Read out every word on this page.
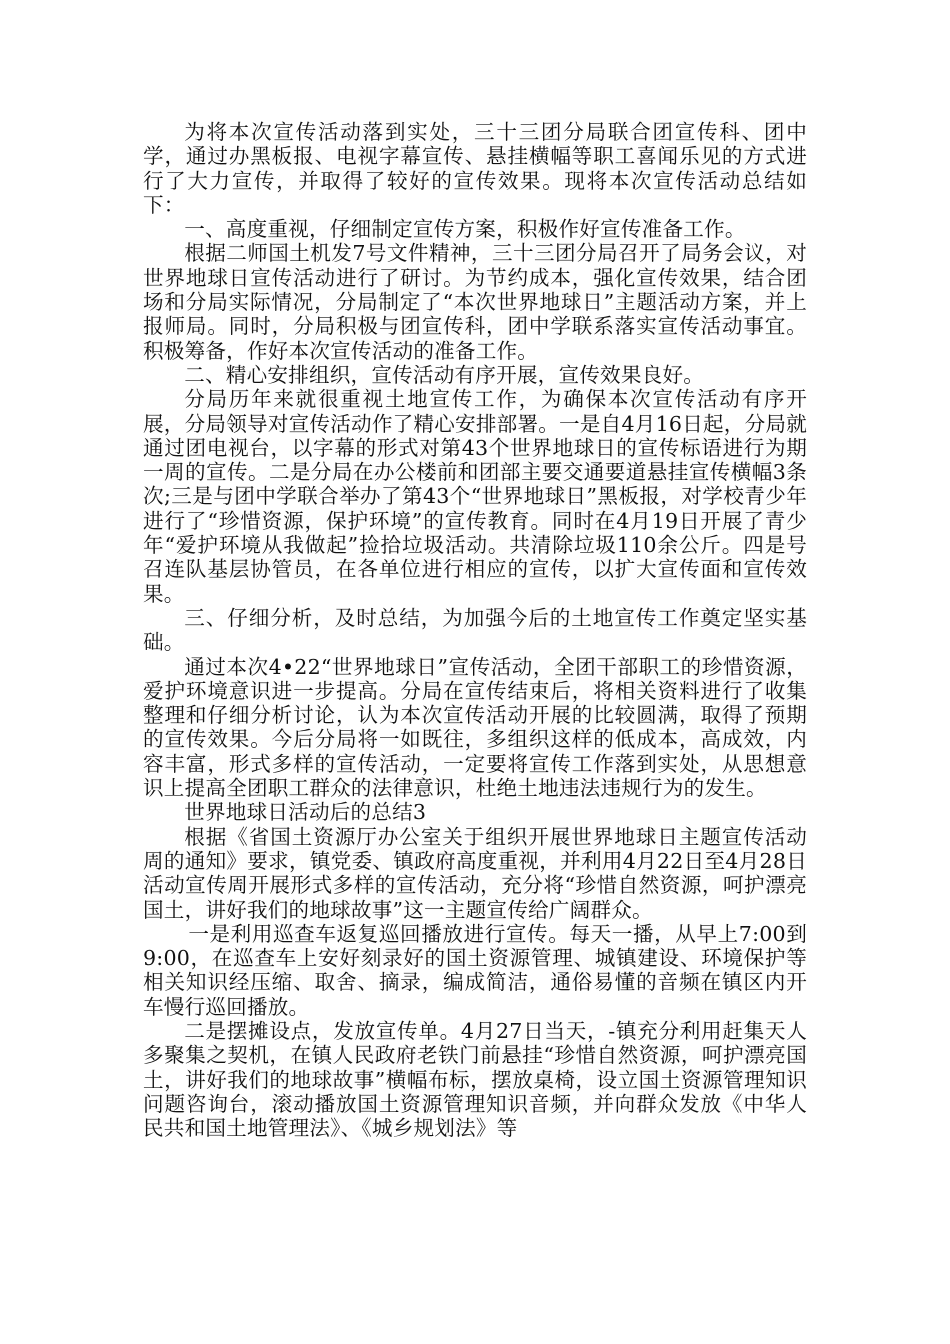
为将本次宣传活动落到实处，三十三团分局联合团宣传科、团中学，通过办黑板报、电视字幕宣传、悬挂横幅等职工喜闻乐见的方式进行了大力宣传，并取得了较好的宣传效果。现将本次宣传活动总结如下：

一、高度重视，仔细制定宣传方案，积极作好宣传准备工作。

根据二师国土机发7号文件精神，三十三团分局召开了局务会议，对世界地球日宣传活动进行了研讨。为节约成本，强化宣传效果，结合团场和分局实际情况，分局制定了“本次世界地球日”主题活动方案，并上报师局。同时，分局积极与团宣传科，团中学联系落实宣传活动事宜。积极筹备，作好本次宣传活动的准备工作。

二、精心安排组织，宣传活动有序开展，宣传效果良好。

分局历年来就很重视土地宣传工作，为确保本次宣传活动有序开展，分局领导对宣传活动作了精心安排部署。一是自4月16日起，分局就通过团电视台，以字幕的形式对第43个世界地球日的宣传标语进行为期一周的宣传。二是分局在办公楼前和团部主要交通要道悬挂宣传横幅3条次;三是与团中学联合举办了第43个“世界地球日”黑板报，对学校青少年进行了“珍惜资源，保护环境”的宣传教育。同时在4月19日开展了青少年“爱护环境从我做起”捡拾垃圾活动。共清除垃圾110余公斤。四是号召连队基层协管员，在各单位进行相应的宣传，以扩大宣传面和宣传效果。

三、仔细分析，及时总结，为加强今后的土地宣传工作奠定坚实基础。

通过本次4•22“世界地球日”宣传活动，全团干部职工的珍惜资源，爱护环境意识进一步提高。分局在宣传结束后，将相关资料进行了收集整理和仔细分析讨论，认为本次宣传活动开展的比较圆满，取得了预期的宣传效果。今后分局将一如既往，多组织这样的低成本，高成效，内容丰富，形式多样的宣传活动，一定要将宣传工作落到实处，从思想意识上提高全团职工群众的法律意识，杜绝土地违法违规行为的发生。

世界地球日活动后的总结3

根据《省国土资源厅办公室关于组织开展世界地球日主题宣传活动周的通知》要求，镇党委、镇政府高度重视，并利用4月22日至4月28日活动宣传周开展形式多样的宣传活动，充分将“珍惜自然资源，呵护漂亮国土，讲好我们的地球故事”这一主题宣传给广阔群众。

一是利用巡查车返复巡回播放进行宣传。每天一播，从早上7:00到9:00，在巡查车上安好刻录好的国土资源管理、城镇建设、环境保护等相关知识经压缩、取舍、摘录，编成简洁，通俗易懂的音频在镇区内开车慢行巡回播放。

二是摆摊设点，发放宣传单。4月27日当天，-镇充分利用赶集天人多聚集之契机，在镇人民政府老铁门前悬挂“珍惜自然资源，呵护漂亮国土，讲好我们的地球故事”横幅布标，摆放桌椅，设立国土资源管理知识问题咨询台，滚动播放国土资源管理知识音频，并向群众发放《中华人民共和国土地管理法》、《城乡规划法》等
